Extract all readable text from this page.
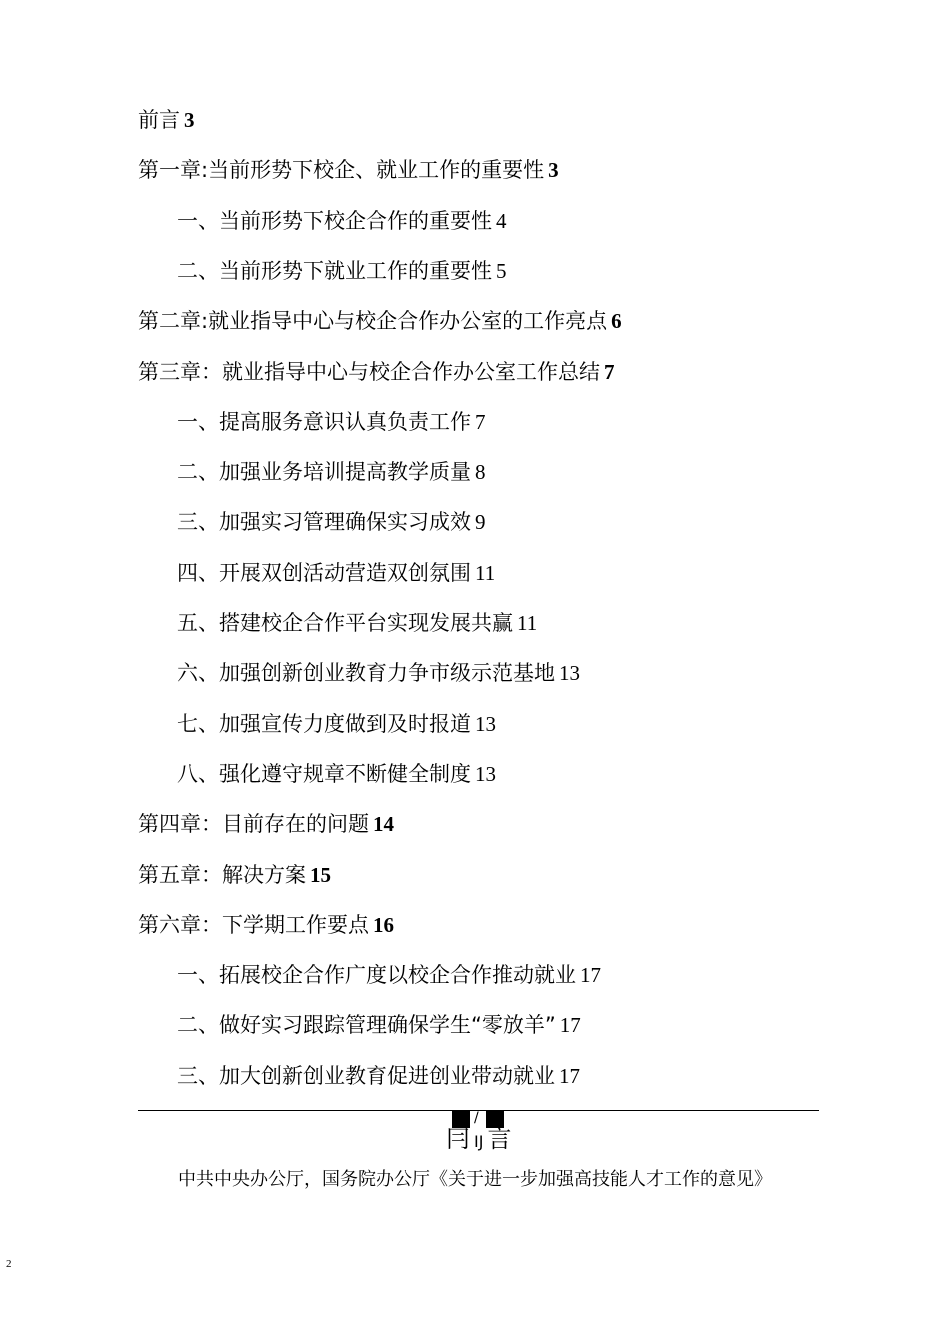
前言 3
第一章:当前形势下校企、就业工作的重要性 3
一、当前形势下校企合作的重要性 4
二、当前形势下就业工作的重要性 5
第二章:就业指导中心与校企合作办公室的工作亮点 6
第三章：就业指导中心与校企合作办公室工作总结 7
一、提高服务意识认真负责工作 7
二、加强业务培训提高教学质量 8
三、加强实习管理确保实习成效 9
四、开展双创活动营造双创氛围 11
五、搭建校企合作平台实现发展共赢 11
六、加强创新创业教育力争市级示范基地 13
七、加强宣传力度做到及时报道 13
八、强化遵守规章不断健全制度 13
第四章：目前存在的问题 14
第五章：解决方案 15
第六章：下学期工作要点 16
一、拓展校企合作广度以校企合作推动就业 17
二、做好实习跟踪管理确保学生“零放羊” 17
三、加大创新创业教育促进创业带动就业 17
/
冃IJ 言
中共中央办公厅，国务院办公厅《关于进一步加强高技能人才工作的意见》
2
